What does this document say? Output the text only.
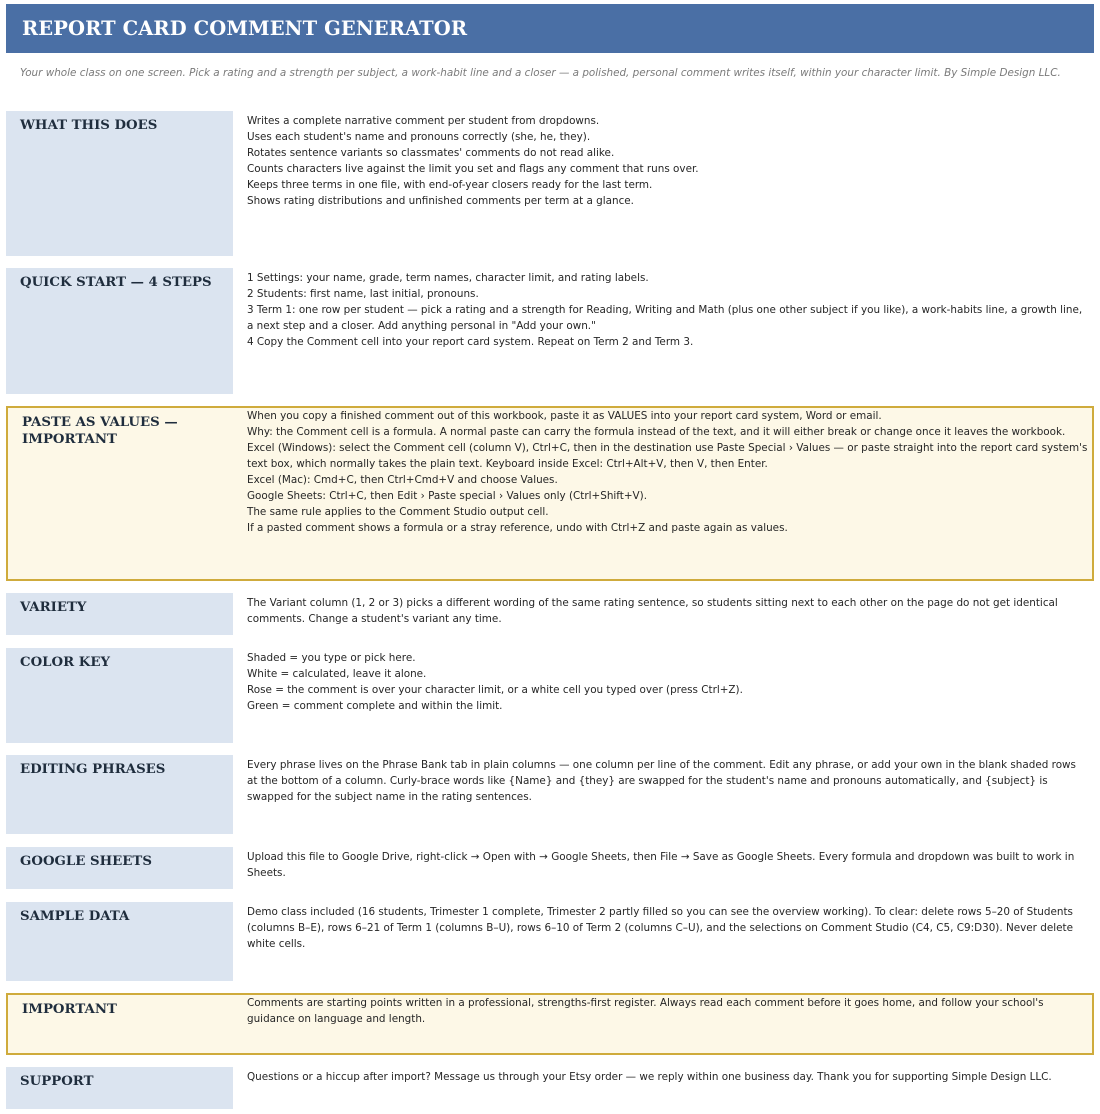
REPORT CARD COMMENT GENERATOR
Your whole class on one screen. Pick a rating and a strength per subject, a work-habit line and a closer — a polished, personal comment writes itself, within your character limit. By Simple Design LLC.

WHAT THIS DOES	Writes a complete narrative comment per student from dropdowns.

Uses each student's name and pronouns correctly (she, he, they).

Rotates sentence variants so classmates' comments do not read alike.

Counts characters live against the limit you set and flags any comment that runs over.

Keeps three terms in one file, with end-of-year closers ready for the last term.

Shows rating distributions and unfinished comments per term at a glance.

QUICK START — 4 STEPS	1 Settings: your name, grade, term names, character limit, and rating labels.

2 Students: first name, last initial, pronouns.

3 Term 1: one row per student — pick a rating and a strength for Reading, Writing and Math (plus one other subject if you like), a work-habits line, a growth line, a next step and a closer. Add anything personal in "Add your own."

4 Copy the Comment cell into your report card system. Repeat on Term 2 and Term 3.

PASTE AS VALUES — IMPORTANT

When you copy a finished comment out of this workbook, paste it as VALUES into your report card system, Word or email.

Why: the Comment cell is a formula. A normal paste can carry the formula instead of the text, and it will either break or change once it leaves the workbook.

Excel (Windows): select the Comment cell (column V), Ctrl+C, then in the destination use Paste Special › Values — or paste straight into the report card system's text box, which normally takes the plain text. Keyboard inside Excel: Ctrl+Alt+V, then V, then Enter.

Excel (Mac): Cmd+C, then Ctrl+Cmd+V and choose Values.

Google Sheets: Ctrl+C, then Edit › Paste special › Values only (Ctrl+Shift+V).

The same rule applies to the Comment Studio output cell.

If a pasted comment shows a formula or a stray reference, undo with Ctrl+Z and paste again as values.

VARIETY	The Variant column (1, 2 or 3) picks a different wording of the same rating sentence, so students sitting next to each other on the page do not get identical comments. Change a student's variant any time.

COLOR KEY	Shaded = you type or pick here.

White = calculated, leave it alone.

Rose = the comment is over your character limit, or a white cell you typed over (press Ctrl+Z).

Green = comment complete and within the limit.

EDITING PHRASES	Every phrase lives on the Phrase Bank tab in plain columns — one column per line of the comment. Edit any phrase, or add your own in the blank shaded rows at the bottom of a column. Curly-brace words like {Name} and {they} are swapped for the student's name and pronouns automatically, and {subject} is swapped for the subject name in the rating sentences.

GOOGLE SHEETS	Upload this file to Google Drive, right-click → Open with → Google Sheets, then File → Save as Google Sheets. Every formula and dropdown was built to work in Sheets.

SAMPLE DATA	Demo class included (16 students, Trimester 1 complete, Trimester 2 partly filled so you can see the overview working). To clear: delete rows 5–20 of Students (columns B–E), rows 6–21 of Term 1 (columns B–U), rows 6–10 of Term 2 (columns C–U), and the selections on Comment Studio (C4, C5, C9:D30). Never delete white cells.

IMPORTANT	Comments are starting points written in a professional, strengths-first register. Always read each comment before it goes home, and follow your school's guidance on language and length.

SUPPORT	Questions or a hiccup after import? Message us through your Etsy order — we reply within one business day. Thank you for supporting Simple Design LLC.
